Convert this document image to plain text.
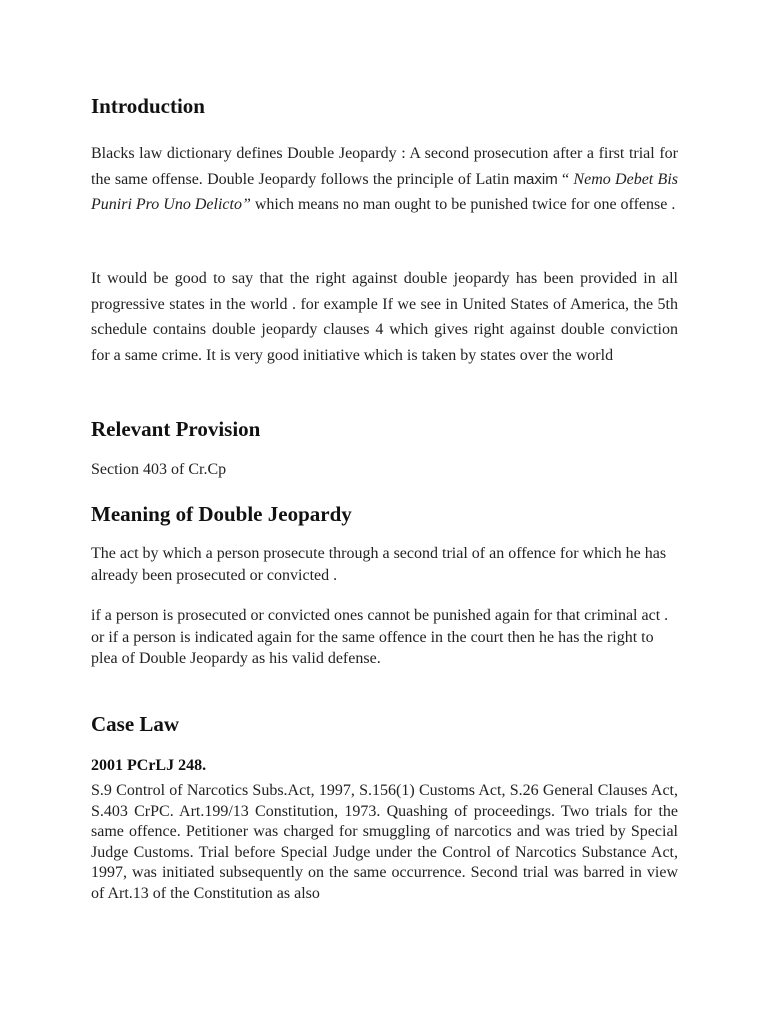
Introduction

Blacks law dictionary defines Double Jeopardy : A second prosecution after a first trial for the same offense. Double Jeopardy follows the principle of Latin maxim “ Nemo Debet Bis Puniri Pro Uno Delicto” which means no man ought to be punished twice for one offense .

It would be good to say that the right against double jeopardy has been provided in all progressive states in the world . for example If we see in United States of America, the 5th schedule contains double jeopardy clauses 4 which gives right against double conviction for a same crime. It is very good initiative which is taken by states over the world

Relevant Provision

Section 403 of Cr.Cp

Meaning of Double Jeopardy

The act by which a person prosecute through a second trial of an offence for which he has already been prosecuted or convicted .

if a person is prosecuted or convicted ones cannot be punished again for that criminal act . or if a person is indicated again for the same offence in the court then he has the right to plea of Double Jeopardy as his valid defense.

Case Law
2001 PCrLJ 248.

S.9 Control of Narcotics Subs.Act, 1997, S.156(1) Customs Act, S.26 General Clauses Act, S.403 CrPC. Art.199/13 Constitution, 1973. Quashing of proceedings. Two trials for the same offence. Petitioner was charged for smuggling of narcotics and was tried by Special Judge Customs. Trial before Special Judge under the Control of Narcotics Substance Act, 1997, was initiated subsequently on the same occurrence. Second trial was barred in view of Art.13 of the Constitution as also
